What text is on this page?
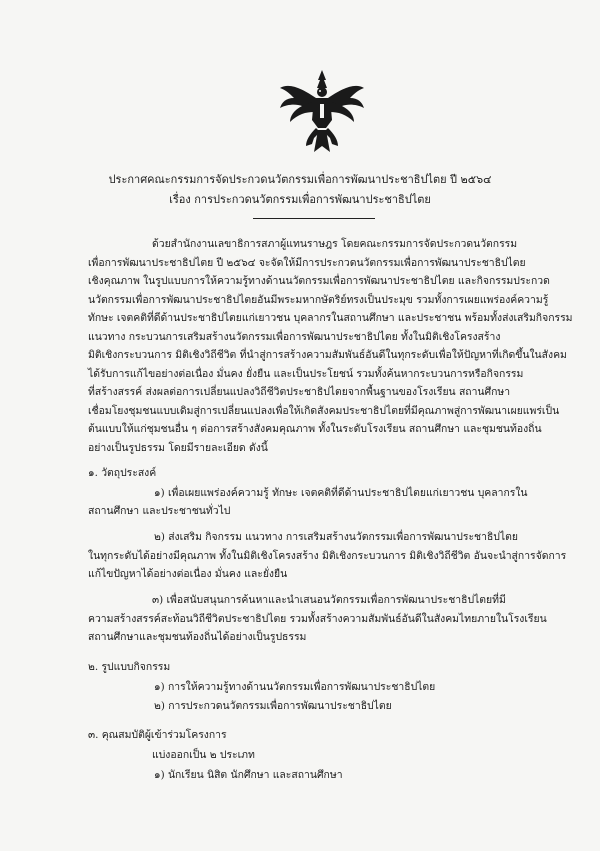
ประกาศคณะกรรมการจัดประกวดนวัตกรรมเพื่อการพัฒนาประชาธิปไตย ปี ๒๕๖๔
เรื่อง การประกวดนวัตกรรมเพื่อการพัฒนาประชาธิปไตย
ด้วยสำนักงานเลขาธิการสภาผู้แทนราษฎร โดยคณะกรรมการจัดประกวดนวัตกรรม
เพื่อการพัฒนาประชาธิปไตย ปี ๒๕๖๔ จะจัดให้มีการประกวดนวัตกรรมเพื่อการพัฒนาประชาธิปไตย
เชิงคุณภาพ ในรูปแบบการให้ความรู้ทางด้านนวัตกรรมเพื่อการพัฒนาประชาธิปไตย และกิจกรรมประกวด
นวัตกรรมเพื่อการพัฒนาประชาธิปไตยอันมีพระมหากษัตริย์ทรงเป็นประมุข รวมทั้งการเผยแพร่องค์ความรู้
ทักษะ เจตคติที่ดีด้านประชาธิปไตยแก่เยาวชน บุคลากรในสถานศึกษา และประชาชน พร้อมทั้งส่งเสริมกิจกรรม
แนวทาง กระบวนการเสริมสร้างนวัตกรรมเพื่อการพัฒนาประชาธิปไตย ทั้งในมิติเชิงโครงสร้าง
มิติเชิงกระบวนการ มิติเชิงวิถีชีวิต ที่นำสู่การสร้างความสัมพันธ์อันดีในทุกระดับเพื่อให้ปัญหาที่เกิดขึ้นในสังคม
ได้รับการแก้ไขอย่างต่อเนื่อง มั่นคง ยั่งยืน และเป็นประโยชน์ รวมทั้งค้นหากระบวนการหรือกิจกรรม
ที่สร้างสรรค์ ส่งผลต่อการเปลี่ยนแปลงวิถีชีวิตประชาธิปไตยจากพื้นฐานของโรงเรียน สถานศึกษา
เชื่อมโยงชุมชนแบบเดิมสู่การเปลี่ยนแปลงเพื่อให้เกิดสังคมประชาธิปไตยที่มีคุณภาพสู่การพัฒนาเผยแพร่เป็น
ต้นแบบให้แก่ชุมชนอื่น ๆ ต่อการสร้างสังคมคุณภาพ ทั้งในระดับโรงเรียน สถานศึกษา และชุมชนท้องถิ่น
อย่างเป็นรูปธรรม โดยมีรายละเอียด ดังนี้
๑. วัตถุประสงค์
๑) เพื่อเผยแพร่องค์ความรู้ ทักษะ เจตคติที่ดีด้านประชาธิปไตยแก่เยาวชน บุคลากรใน
สถานศึกษา และประชาชนทั่วไป
๒) ส่งเสริม กิจกรรม แนวทาง การเสริมสร้างนวัตกรรมเพื่อการพัฒนาประชาธิปไตย
ในทุกระดับได้อย่างมีคุณภาพ ทั้งในมิติเชิงโครงสร้าง มิติเชิงกระบวนการ มิติเชิงวิถีชีวิต อันจะนำสู่การจัดการ
แก้ไขปัญหาได้อย่างต่อเนื่อง มั่นคง และยั่งยืน
๓) เพื่อสนับสนุนการค้นหาและนำเสนอนวัตกรรมเพื่อการพัฒนาประชาธิปไตยที่มี
ความสร้างสรรค์สะท้อนวิถีชีวิตประชาธิปไตย รวมทั้งสร้างความสัมพันธ์อันดีในสังคมไทยภายในโรงเรียน
สถานศึกษาและชุมชนท้องถิ่นได้อย่างเป็นรูปธรรม
๒. รูปแบบกิจกรรม
๑) การให้ความรู้ทางด้านนวัตกรรมเพื่อการพัฒนาประชาธิปไตย
๒) การประกวดนวัตกรรมเพื่อการพัฒนาประชาธิปไตย
๓. คุณสมบัติผู้เข้าร่วมโครงการ
แบ่งออกเป็น ๒ ประเภท
๑) นักเรียน นิสิต นักศึกษา และสถานศึกษา
